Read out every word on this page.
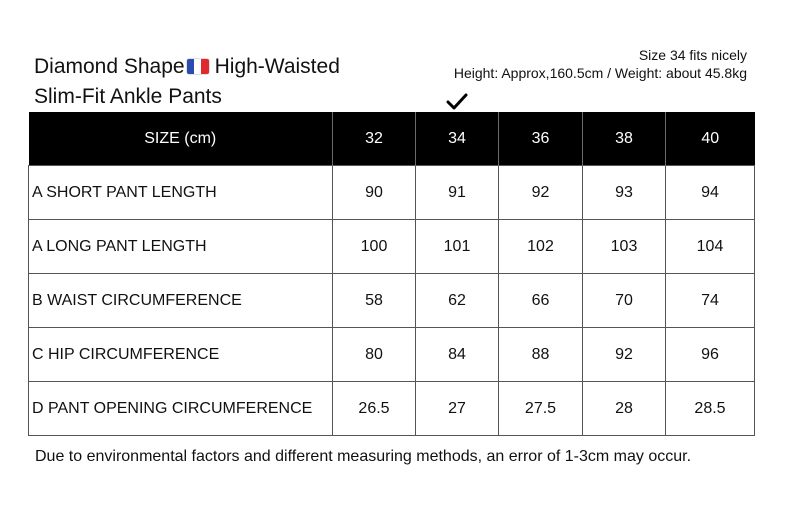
Diamond Shape High-Waisted
Slim-Fit Ankle Pants
Size 34 fits nicely
Height: Approx,160.5cm / Weight: about 45.8kg
SIZE (cm)	32	34	36	38	40
A SHORT PANT LENGTH	90	91	92	93	94
A LONG PANT LENGTH	100	101	102	103	104
B WAIST CIRCUMFERENCE	58	62	66	70	74
C HIP CIRCUMFERENCE	80	84	88	92	96
D PANT OPENING CIRCUMFERENCE	26.5	27	27.5	28	28.5
Due to environmental factors and different measuring methods, an error of 1-3cm may occur.
